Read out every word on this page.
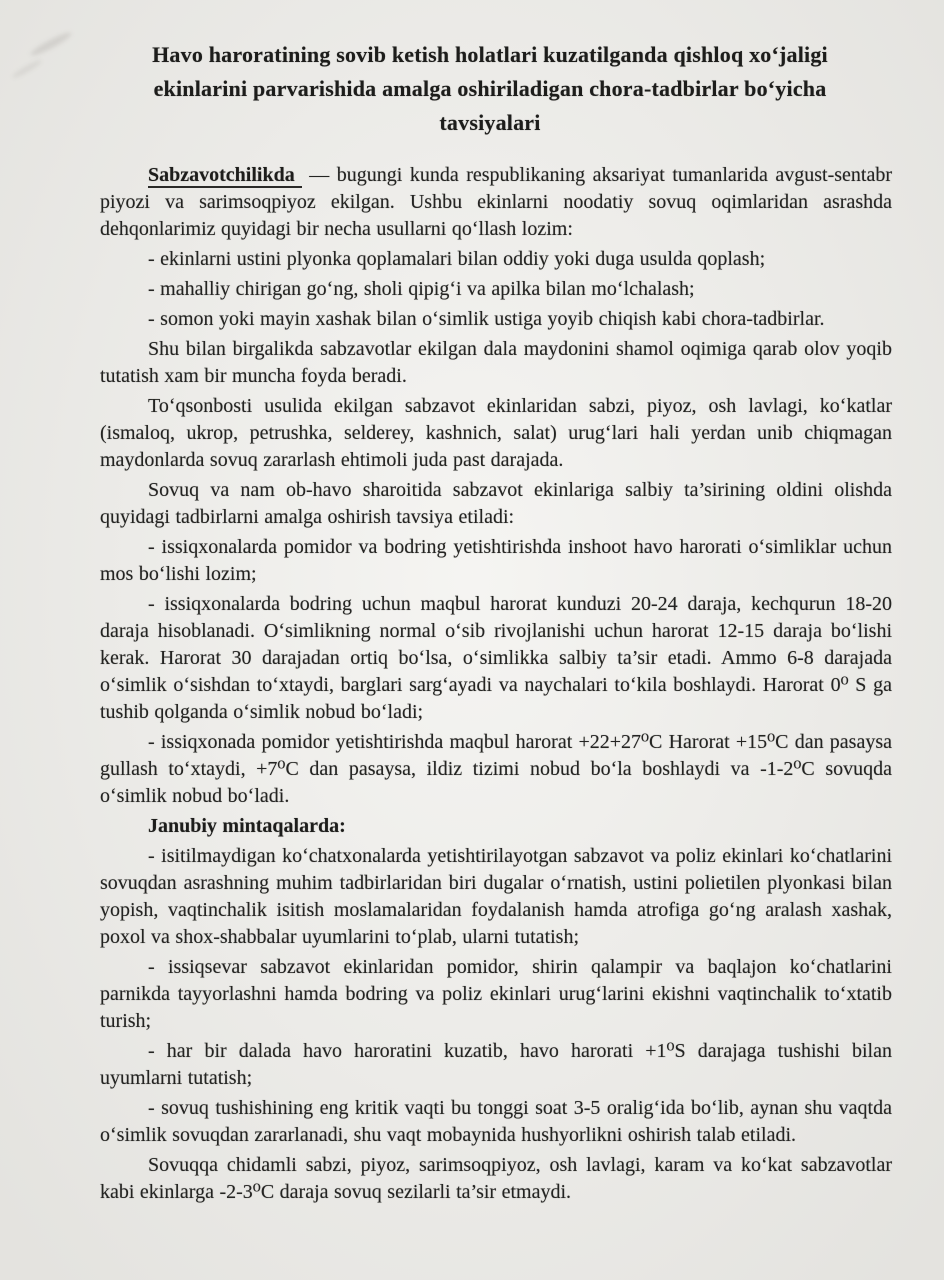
Havo haroratining sovib ketish holatlari kuzatilganda qishloq xo‘jaligi ekinlarini parvarishida amalga oshiriladigan chora-tadbirlar bo‘yicha tavsiyalari

Sabzavotchilikda — bugungi kunda respublikaning aksariyat tumanlarida avgust-sentabr piyozi va sarimsoqpiyoz ekilgan. Ushbu ekinlarni noodatiy sovuq oqimlaridan asrashda dehqonlarimiz quyidagi bir necha usullarni qo‘llash lozim:

- ekinlarni ustini plyonka qoplamalari bilan oddiy yoki duga usulda qoplash;

- mahalliy chirigan go‘ng, sholi qipig‘i va apilka bilan mo‘lchalash;

- somon yoki mayin xashak bilan o‘simlik ustiga yoyib chiqish kabi chora-tadbirlar.

Shu bilan birgalikda sabzavotlar ekilgan dala maydonini shamol oqimiga qarab olov yoqib tutatish xam bir muncha foyda beradi.

To‘qsonbosti usulida ekilgan sabzavot ekinlaridan sabzi, piyoz, osh lavlagi, ko‘katlar (ismaloq, ukrop, petrushka, selderey, kashnich, salat) urug‘lari hali yerdan unib chiqmagan maydonlarda sovuq zararlash ehtimoli juda past darajada.

Sovuq va nam ob-havo sharoitida sabzavot ekinlariga salbiy ta’sirining oldini olishda quyidagi tadbirlarni amalga oshirish tavsiya etiladi:

- issiqxonalarda pomidor va bodring yetishtirishda inshoot havo harorati o‘simliklar uchun mos bo‘lishi lozim;

- issiqxonalarda bodring uchun maqbul harorat kunduzi 20-24 daraja, kechqurun 18-20 daraja hisoblanadi. O‘simlikning normal o‘sib rivojlanishi uchun harorat 12-15 daraja bo‘lishi kerak. Harorat 30 darajadan ortiq bo‘lsa, o‘simlikka salbiy ta’sir etadi. Ammo 6-8 darajada o‘simlik o‘sishdan to‘xtaydi, barglari sarg‘ayadi va naychalari to‘kila boshlaydi. Harorat 0⁰ S ga tushib qolganda o‘simlik nobud bo‘ladi;

- issiqxonada pomidor yetishtirishda maqbul harorat +22+27⁰C Harorat +15⁰C dan pasaysa gullash to‘xtaydi, +7⁰C dan pasaysa, ildiz tizimi nobud bo‘la boshlaydi va -1-2⁰C sovuqda o‘simlik nobud bo‘ladi.

Janubiy mintaqalarda:

- isitilmaydigan ko‘chatxonalarda yetishtirilayotgan sabzavot va poliz ekinlari ko‘chatlarini sovuqdan asrashning muhim tadbirlaridan biri dugalar o‘rnatish, ustini polietilen plyonkasi bilan yopish, vaqtinchalik isitish moslamalaridan foydalanish hamda atrofiga go‘ng aralash xashak, poxol va shox-shabbalar uyumlarini to‘plab, ularni tutatish;

- issiqsevar sabzavot ekinlaridan pomidor, shirin qalampir va baqlajon ko‘chatlarini parnikda tayyorlashni hamda bodring va poliz ekinlari urug‘larini ekishni vaqtinchalik to‘xtatib turish;

- har bir dalada havo haroratini kuzatib, havo harorati +1⁰S darajaga tushishi bilan uyumlarni tutatish;

- sovuq tushishining eng kritik vaqti bu tonggi soat 3-5 oralig‘ida bo‘lib, aynan shu vaqtda o‘simlik sovuqdan zararlanadi, shu vaqt mobaynida hushyorlikni oshirish talab etiladi.

Sovuqqa chidamli sabzi, piyoz, sarimsoqpiyoz, osh lavlagi, karam va ko‘kat sabzavotlar kabi ekinlarga -2-3⁰C daraja sovuq sezilarli ta’sir etmaydi.
